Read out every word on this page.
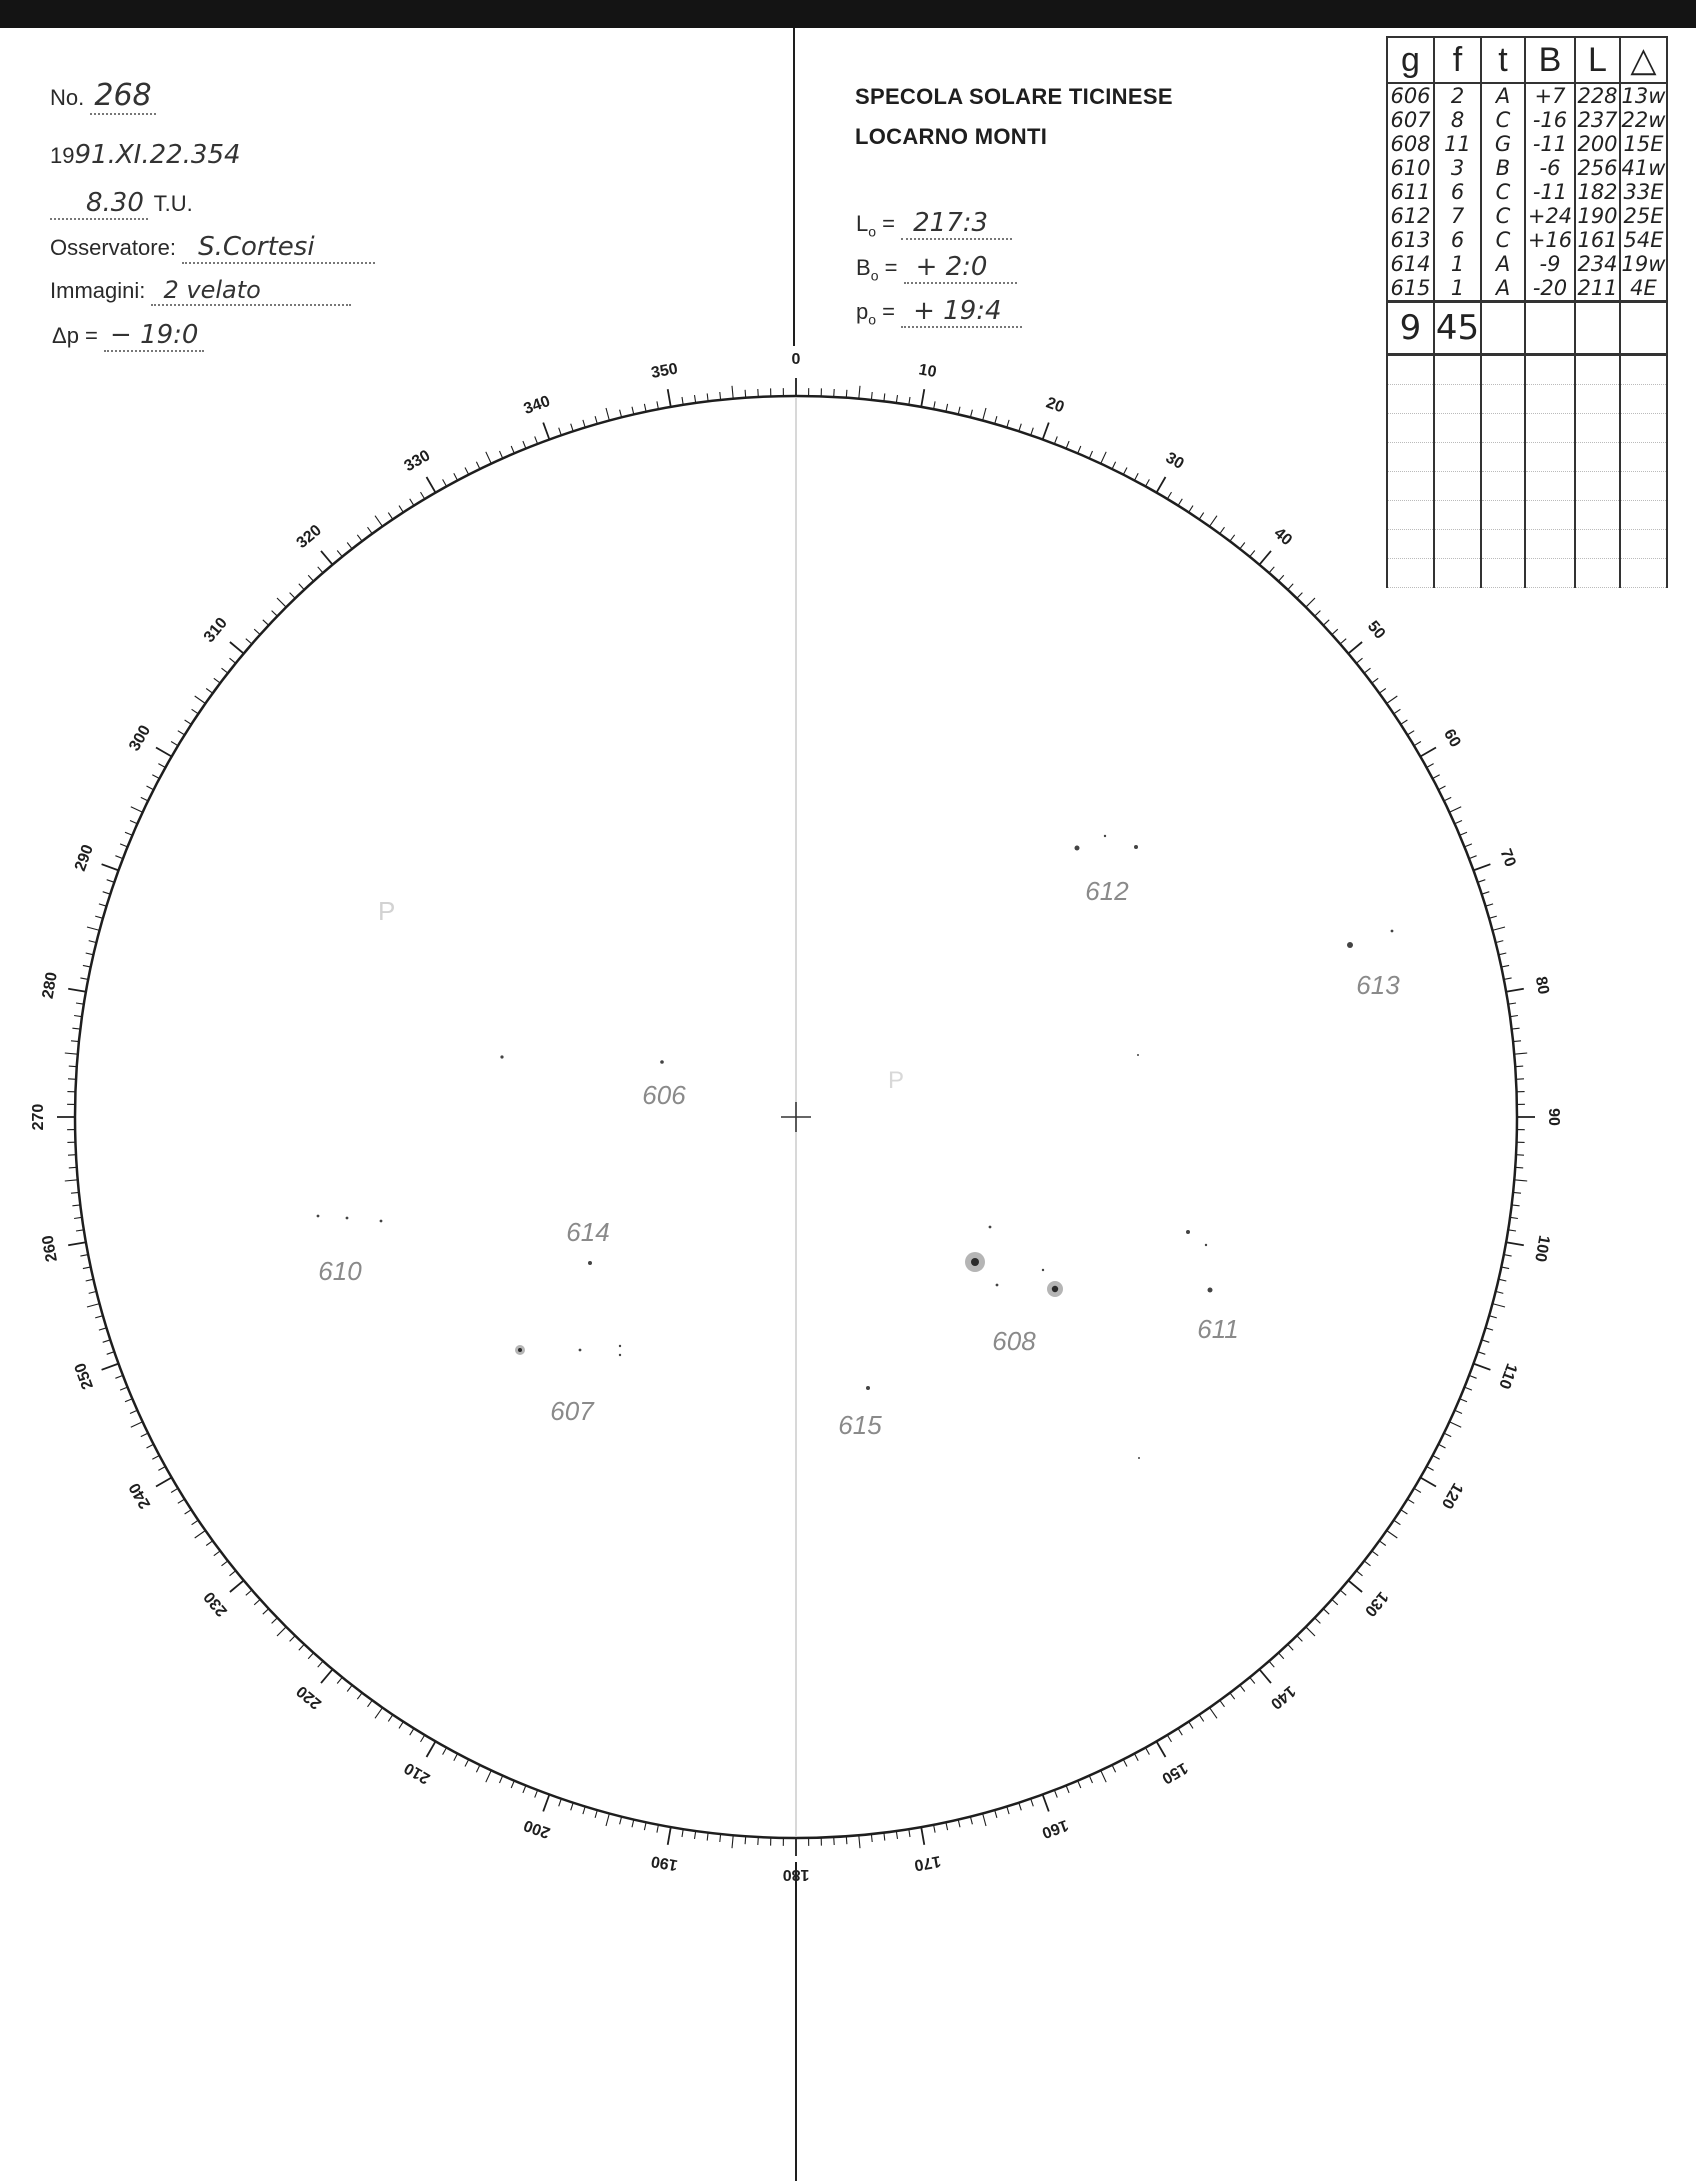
No. 268
1991.XI.22.354
8.30 T.U.
Osservatore: S.Cortesi
Immagini: 2 velato
Δp = − 19:0
SPECOLA SOLARE TICINESE
LOCARNO MONTI
$L_o$ = 217:3
$B_o$ = + 2:0
$p_o$ = + 19:4
g	f	t	B	L	△
606	2	A	+7	228	13w
607	8	C	-16	237	22w
608	11	G	-11	200	15E
610	3	B	-6	256	41w
611	6	C	-11	182	33E
612	7	C	+24	190	25E
613	6	C	+16	161	54E
614	1	A	-9	234	19w
615	1	A	-20	211	4E
9	45				

0
10
20
30
40
50
60
70
80
90
100
110
120
130
140
150
160
170
180
190
200
210
220
230
240
250
260
270
280
290
300
310
320
330
340
350
606
607
608
610
611
612
613
614
615
P
P
